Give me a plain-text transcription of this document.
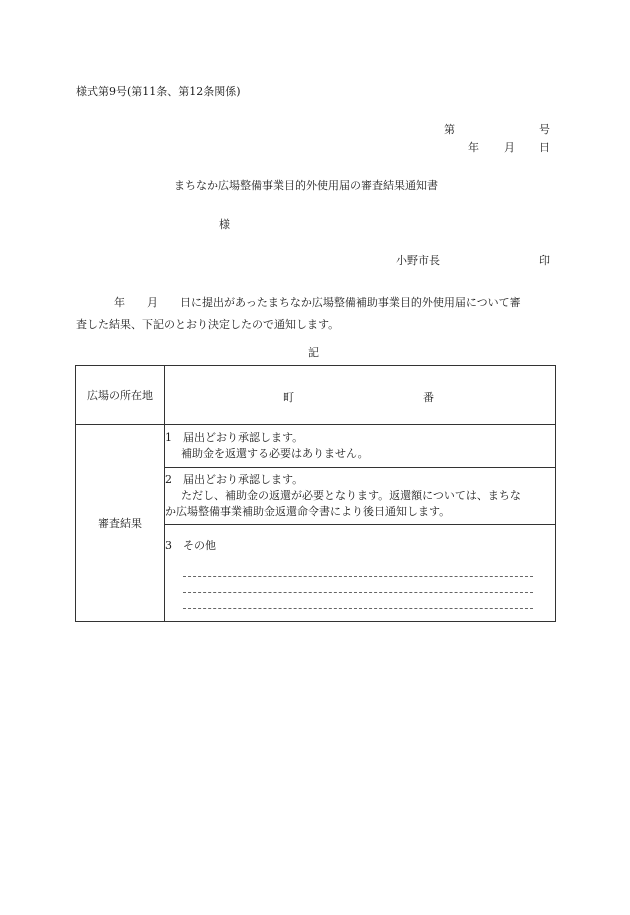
様式第9号(第11条、第12条関係)
第	号
年 月 日
まちなか広場整備事業目的外使用届の審査結果通知書
様
小野市長	印
年 月 日に提出があったまちなか広場整備補助事業目的外使用届について審
査した結果、下記のとおり決定したので通知します。
記
広場の所在地	町 番

審査結果	1　 届出どおり承認します。
補助金を返還する必要はありません。

	2　 届出どおり承認します。
ただし、補助金の返還が必要となります。返還額については、まちな
か広場整備事業補助金返還命令書により後日通知します。

	3　 その他
